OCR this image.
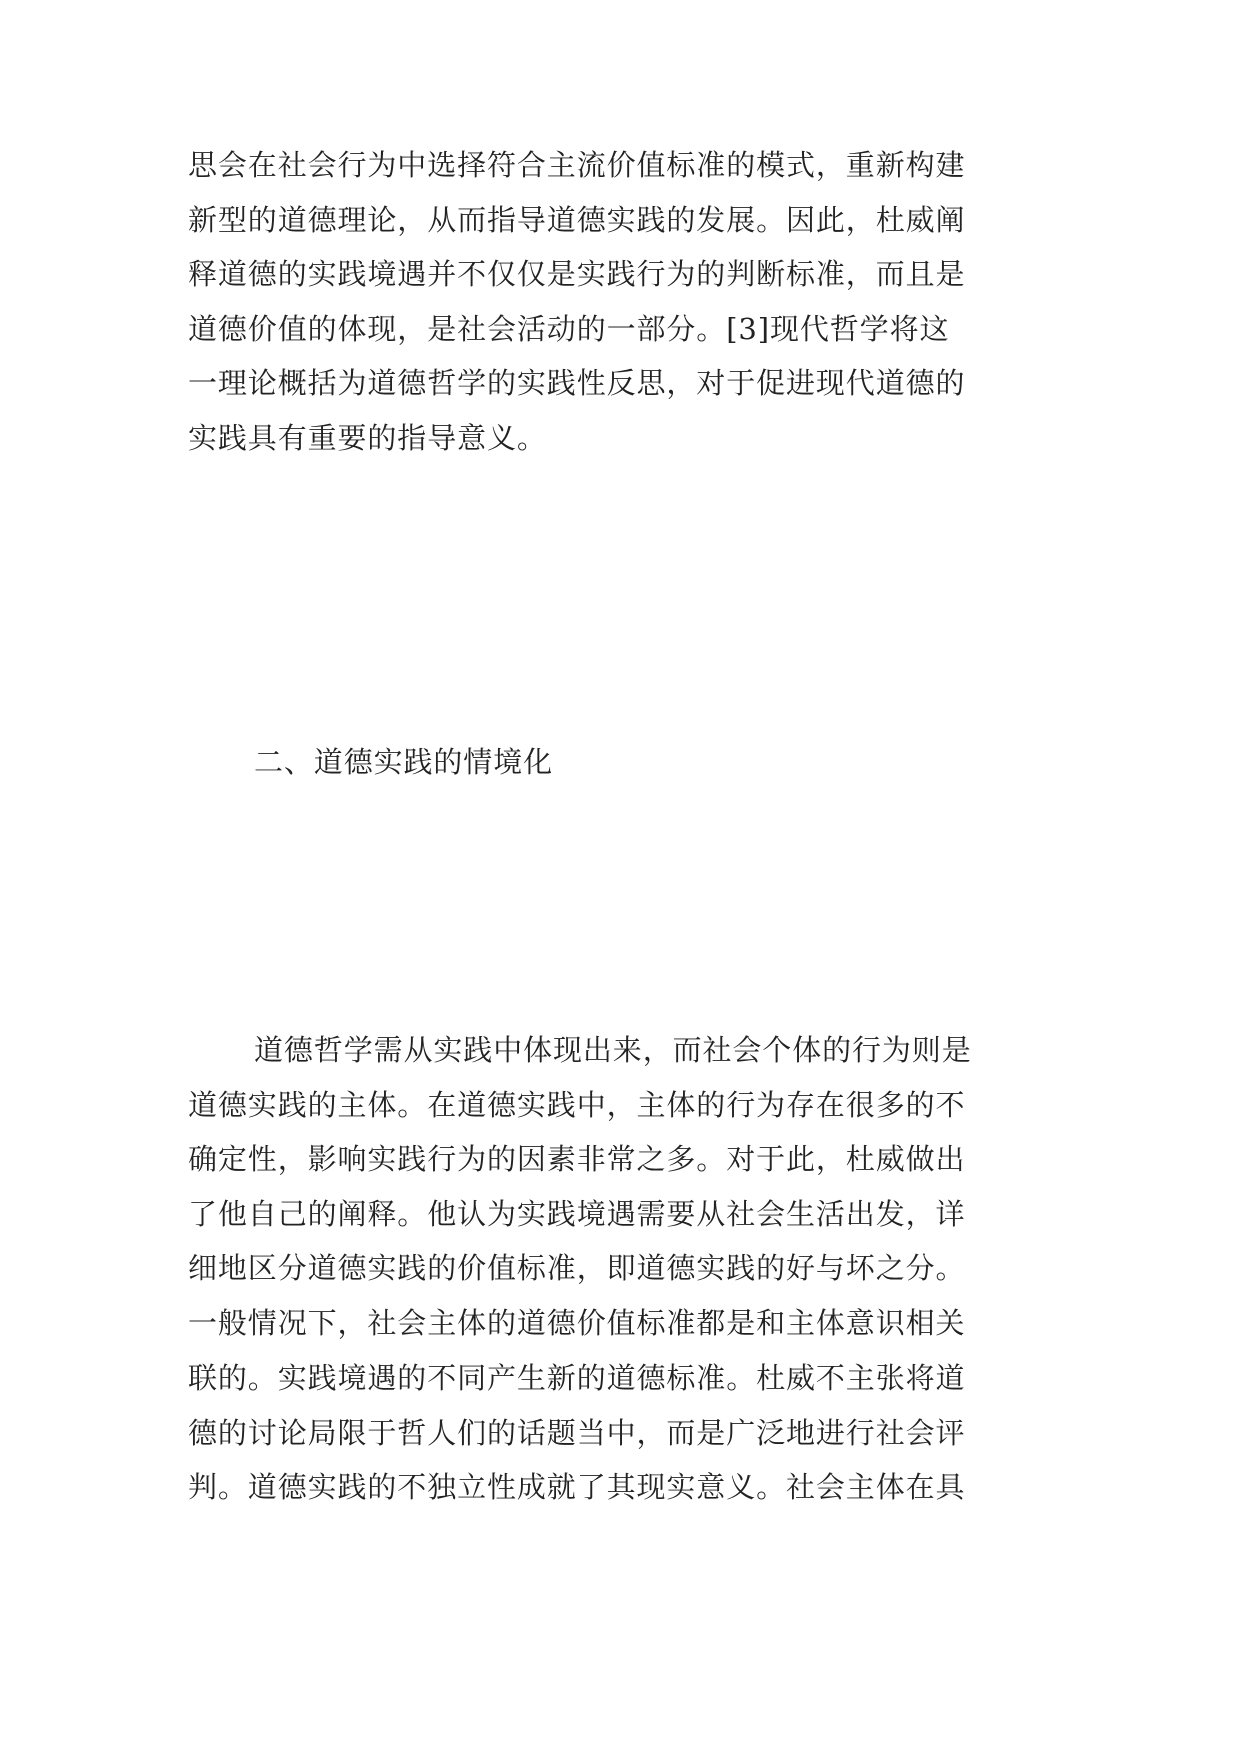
思会在社会行为中选择符合主流价值标准的模式，重新构建
新型的道德理论，从而指导道德实践的发展。因此，杜威阐
释道德的实践境遇并不仅仅是实践行为的判断标准，而且是
道德价值的体现，是社会活动的一部分。[3]现代哲学将这
一理论概括为道德哲学的实践性反思，对于促进现代道德的
实践具有重要的指导意义。
二、道德实践的情境化
道德哲学需从实践中体现出来，而社会个体的行为则是
道德实践的主体。在道德实践中，主体的行为存在很多的不
确定性，影响实践行为的因素非常之多。对于此，杜威做出
了他自己的阐释。他认为实践境遇需要从社会生活出发，详
细地区分道德实践的价值标准，即道德实践的好与坏之分。
一般情况下，社会主体的道德价值标准都是和主体意识相关
联的。实践境遇的不同产生新的道德标准。杜威不主张将道
德的讨论局限于哲人们的话题当中，而是广泛地进行社会评
判。道德实践的不独立性成就了其现实意义。社会主体在具
